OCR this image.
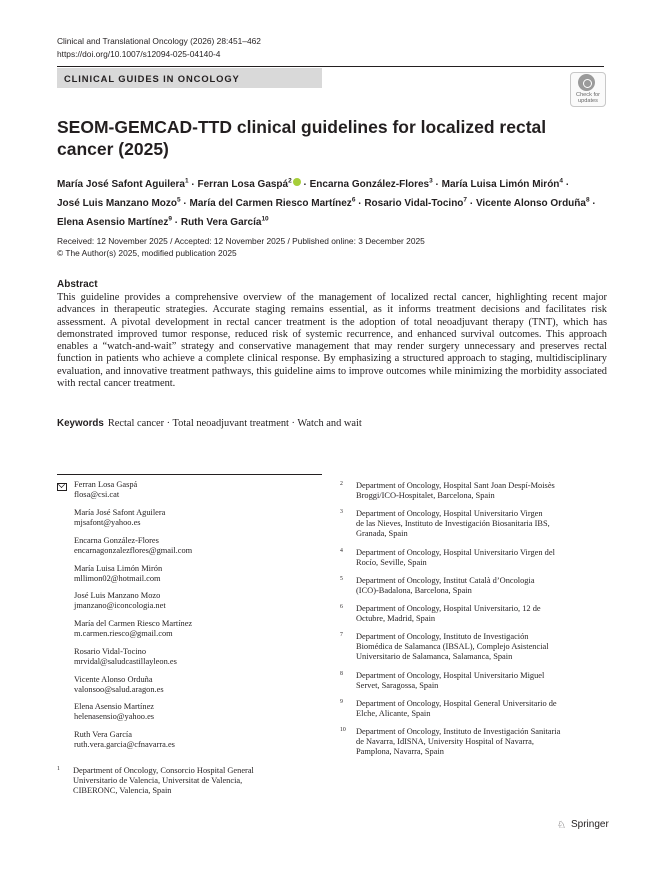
Clinical and Translational Oncology (2026) 28:451–462
https://doi.org/10.1007/s12094-025-04140-4
CLINICAL GUIDES IN ONCOLOGY
Check for updates
SEOM-GEMCAD-TTD clinical guidelines for localized rectal cancer (2025)
María José Safont Aguilera$^1$ · Ferran Losa Gaspá$^2$ · Encarna González-Flores$^3$ · María Luisa Limón Mirón$^4$ ·
José Luis Manzano Mozo$^5$ · María del Carmen Riesco Martínez$^6$ · Rosario Vidal-Tocino$^7$ · Vicente Alonso Orduña$^8$ ·
Elena Asensio Martínez$^9$ · Ruth Vera García$^{10}$
Received: 12 November 2025 / Accepted: 12 November 2025 / Published online: 3 December 2025
© The Author(s) 2025, modified publication 2025
Abstract
This guideline provides a comprehensive overview of the management of localized rectal cancer, highlighting recent major advances in therapeutic strategies. Accurate staging remains essential, as it informs treatment decisions and facilitates risk assessment. A pivotal development in rectal cancer treatment is the adoption of total neoadjuvant therapy (TNT), which has demonstrated improved tumor response, reduced risk of systemic recurrence, and enhanced survival outcomes. This approach enables a “watch-and-wait” strategy and conservative management that may render surgery unnecessary and preserves rectal function in patients who achieve a complete clinical response. By emphasizing a structured approach to staging, multidisciplinary evaluation, and innovative treatment pathways, this guideline aims to improve outcomes while minimizing the morbidity associated with rectal cancer treatment.
Keywords Rectal cancer · Total neoadjuvant treatment · Watch and wait
Ferran Losa Gaspá
flosa@csi.cat
María José Safont Aguilera
mjsafont@yahoo.es
Encarna González-Flores
encarnagonzalezflores@gmail.com
María Luisa Limón Mirón
mllimon02@hotmail.com
José Luis Manzano Mozo
jmanzano@iconcologia.net
María del Carmen Riesco Martínez
m.carmen.riesco@gmail.com
Rosario Vidal-Tocino
mrvidal@saludcastillayleon.es
Vicente Alonso Orduña
valonsoo@salud.aragon.es
Elena Asensio Martínez
helenasensio@yahoo.es
Ruth Vera García
ruth.vera.garcia@cfnavarra.es
1 Department of Oncology, Consorcio Hospital General
Universitario de Valencia, Universitat de Valencia,
CIBERONC, Valencia, Spain
2 Department of Oncology, Hospital Sant Joan Despí-Moisès
Broggi/ICO-Hospitalet, Barcelona, Spain
3 Department of Oncology, Hospital Universitario Virgen
de las Nieves, Instituto de Investigación Biosanitaria IBS,
Granada, Spain
4 Department of Oncology, Hospital Universitario Virgen del
Rocío, Seville, Spain
5 Department of Oncology, Institut Català d’Oncologia
(ICO)-Badalona, Barcelona, Spain
6 Department of Oncology, Hospital Universitario, 12 de
Octubre, Madrid, Spain
7 Department of Oncology, Instituto de Investigación
Biomédica de Salamanca (IBSAL), Complejo Asistencial
Universitario de Salamanca, Salamanca, Spain
8 Department of Oncology, Hospital Universitario Miguel
Servet, Saragossa, Spain
9 Department of Oncology, Hospital General Universitario de
Elche, Alicante, Spain
10 Department of Oncology, Instituto de Investigación Sanitaria
de Navarra, IdISNA, University Hospital of Navarra,
Pamplona, Navarra, Spain
♘ Springer
